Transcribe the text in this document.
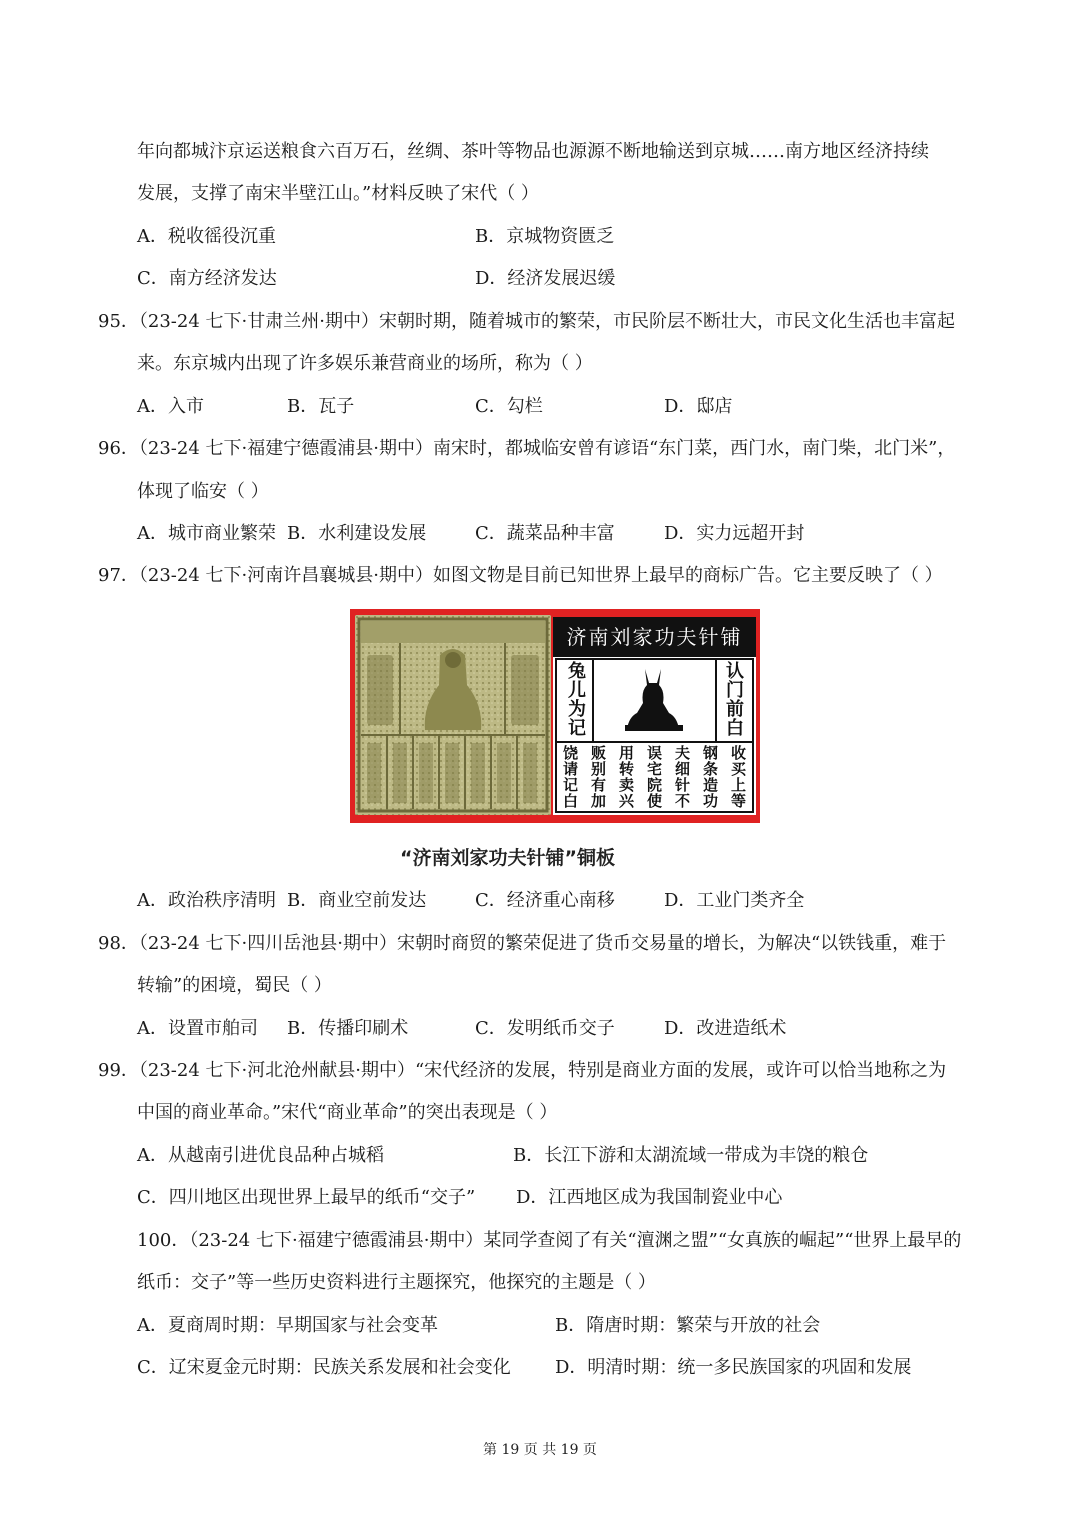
年向都城汴京运送粮食六百万石，丝绸、茶叶等物品也源源不断地输送到京城……南方地区经济持续
发展，支撑了南宋半壁江山。”材料反映了宋代（ ）
A．税收徭役沉重	B．京城物资匮乏
C．南方经济发达	D．经济发展迟缓
95．（23-24 七下·甘肃兰州·期中）宋朝时期，随着城市的繁荣，市民阶层不断壮大，市民文化生活也丰富起
来。东京城内出现了许多娱乐兼营商业的场所，称为（ ）
A．入市	B．瓦子	C．勾栏	D．邸店
96．（23-24 七下·福建宁德霞浦县·期中）南宋时，都城临安曾有谚语“东门菜，西门水，南门柴，北门米”，
体现了临安（ ）
A．城市商业繁荣 B．水利建设发展	C．蔬菜品种丰富	D．实力远超开封
97．（23-24 七下·河南许昌襄城县·期中）如图文物是目前已知世界上最早的商标广告。它主要反映了（ ）
济南刘家功夫针铺
兔儿为记	认门前白
收买上等
钢条造功
夫细针不
误宅院使
用转卖兴
贩别有加
饶请记白
“济南刘家功夫针铺”铜板
A．政治秩序清明 B．商业空前发达	C．经济重心南移	D．工业门类齐全
98．（23-24 七下·四川岳池县·期中）宋朝时商贸的繁荣促进了货币交易量的增长，为解决“以铁钱重，难于
转输”的困境，蜀民（ ）
A．设置市舶司 B．传播印刷术	C．发明纸币交子	D．改进造纸术
99．（23-24 七下·河北沧州献县·期中）“宋代经济的发展，特别是商业方面的发展，或许可以恰当地称之为
中国的商业革命。”宋代“商业革命”的突出表现是（ ）
A．从越南引进优良品种占城稻	B．长江下游和太湖流域一带成为丰饶的粮仓
C．四川地区出现世界上最早的纸币“交子” D．江西地区成为我国制瓷业中心
100．（23-24 七下·福建宁德霞浦县·期中）某同学查阅了有关“澶渊之盟”“女真族的崛起”“世界上最早的
纸币：交子”等一些历史资料进行主题探究，他探究的主题是（ ）
A．夏商周时期：早期国家与社会变革	B．隋唐时期：繁荣与开放的社会
C．辽宋夏金元时期：民族关系发展和社会变化 D．明清时期：统一多民族国家的巩固和发展
第 19 页 共 19 页
